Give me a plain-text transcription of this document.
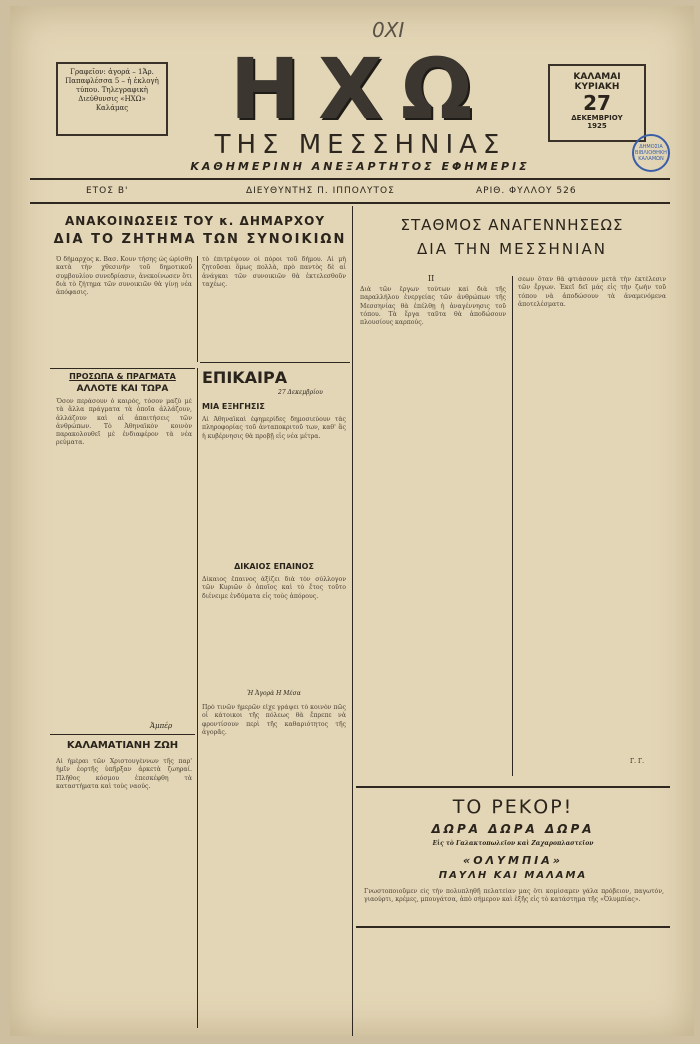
0XI
Γραφεῖον: ἀγορά – 1Ἀρ. Παπαφλέσσα 5 – ἡ ἐκλογὴ τύπου. Τηλεγραφικὴ Διεύθυνσις «ΗΧΩ» Καλάμας	ΗΧΩ	ΚΑΛΑΜΑΙ
ΚΥΡΙΑΚΗ
27
ΔΕΚΕΜΒΡΙΟΥ
1925
ΔΗΜΟΣΙΑ ΒΙΒΛΙΟΘΗΚΗ ΚΑΛΑΜΩΝ
ΤΗΣ ΜΕΣΣΗΝΙΑΣ
ΚΑΘΗΜΕΡΙΝΗ ΑΝΕΞΑΡΤΗΤΟΣ ΕΦΗΜΕΡΙΣ
ΕΤΟΣ Β'	ΔΙΕΥΘΥΝΤΗΣ Π. ΙΠΠΟΛΥΤΟΣ	ΑΡΙΘ. ΦΥΛΛΟΥ 526
ΑΝΑΚΟΙΝΩΣΕΙΣ ΤΟΥ κ. ΔΗΜΑΡΧΟΥ
ΔΙΑ ΤΟ ΖΗΤΗΜΑ ΤΩΝ ΣΥΝΟΙΚΙΩΝ
Ὁ δήμαρχος κ. Βασ. Κουν τήσης ὡς ὡρίσθη κατὰ τὴν χθεσινὴν τοῦ δημοτικοῦ συμβουλίου συνεδρίασιν, ἀνεκοίνωσεν ὅτι διὰ τὸ ζήτημα τῶν συνοικιῶν θὰ γίνῃ νέα ἀπόφασις.
τὸ ἐπιτρέψουν οἱ πόροι τοῦ δήμου. Αἱ μὴ ζητοῦσαι ὅμως πολλὰ, πρὸ παντὸς δὲ αἱ ἀνάγκαι τῶν συνοικιῶν θὰ ἐκτελεσθοῦν ταχέως.
ΠΡΟΣΩΠΑ & ΠΡΑΓΜΑΤΑ
ΑΛΛΟΤΕ ΚΑΙ ΤΩΡΑ
Ὅσον περάσουν ὁ καιρός, τόσον μαζὺ μὲ τὰ ἄλλα πράγματα τὰ ὁποῖα ἀλλάζουν, ἀλλάζουν καὶ αἱ ἀπαιτήσεις τῶν ἀνθρώπων. Τὸ Ἀθηναϊκὸν κοινὸν παρακολουθεῖ μὲ ἐνδιαφέρον τὰ νέα ρεύματα.
Ἀμπέρ
ΚΑΛΑΜΑΤΙΑΝΗ ΖΩΗ
Αἱ ἡμέραι τῶν Χριστουγέννων τῆς παρ' ἡμῖν ἑορτῆς ὑπῆρξαν ἀρκετὰ ζωηραί. Πλῆθος κόσμου ἐπεσκέφθη τὰ καταστήματα καὶ τοὺς ναούς.
ΕΠΙΚΑΙΡΑ
27 Δεκεμβρίου
ΜΙΑ ΕΞΗΓΗΣΙΣ
Αἱ Ἀθηναϊκαὶ ἐφημερίδες δημοσιεύουν τὰς πληροφορίας τοῦ ἀνταποκριτοῦ των, καθ' ἃς ἡ κυβέρνησις θὰ προβῇ εἰς νέα μέτρα.
ΔΙΚΑΙΟΣ ΕΠΑΙΝΟΣ
Δίκαιος ἔπαινος ἀξίζει διὰ τὸν σύλλογον τῶν Κυριῶν ὁ ὁποῖος καὶ τὸ ἔτος τοῦτο διένειμε ἐνδύματα εἰς τοὺς ἀπόρους.
Ἡ Ἀγορὰ Η Μέσα
Πρὸ τινῶν ἡμερῶν εἶχε γράψει τὸ κοινὸν πῶς οἱ κάτοικοι τῆς πόλεως θὰ ἔπρεπε νὰ φροντίσουν περὶ τῆς καθαριότητος τῆς ἀγορᾶς.
ΣΤΑΘΜΟΣ ΑΝΑΓΕΝΝΗΣΕΩΣ
ΔΙΑ ΤΗΝ ΜΕΣΣΗΝΙΑΝ
ΙΙ
Διὰ τῶν ἔργων τούτων καὶ διὰ τῆς παραλλήλου ἐνεργείας τῶν ἀνθρώπων τῆς Μεσσηνίας θὰ ἐπέλθῃ ἡ ἀναγέννησις τοῦ τόπου. Τὰ ἔργα ταῦτα θὰ ἀποδώσουν πλουσίους καρπούς.
σεων ὅταν θὰ φτιάσουν μετὰ τὴν ἐκτέλεσιν τῶν ἔργων. Ἐκεῖ δεῖ μάς εἰς τὴν ζωὴν τοῦ τόπου νὰ ἀποδώσουν τὰ ἀναμενόμενα ἀποτελέσματα.
Γ. Γ.
ΤΟ ΡΕΚΟΡ!
ΔΩΡΑ ΔΩΡΑ ΔΩΡΑ
Εἰς τὸ Γαλακτοπωλεῖον καὶ Ζαχαροπλαστεῖον
«ΟΛΥΜΠΙΑ»
ΠΑΥΛΗ ΚΑΙ ΜΑΛΑΜΑ
Γνωστοποιοῦμεν εἰς τὴν πολυπληθῆ πελατείαν μας ὅτι κομίσαμεν γάλα πρόβειον, παγωτόν, γιαούρτι, κρέμες, μπουγάτσα, ἀπὸ σήμερον καὶ ἑξῆς εἰς τὸ κατάστημα τῆς «Ὀλυμπίας».
